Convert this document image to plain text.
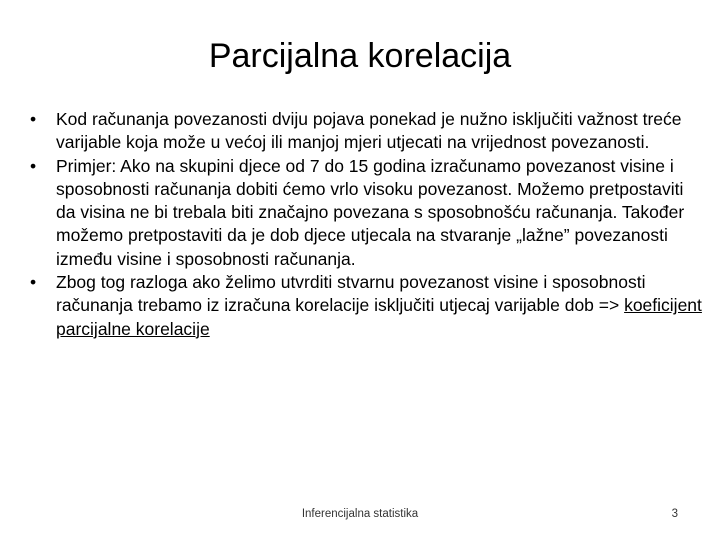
Parcijalna korelacija
• Kod računanja povezanosti dviju pojava ponekad je nužno isključiti važnost treće varijable koja može u većoj ili manjoj mjeri utjecati na vrijednost povezanosti.
• Primjer: Ako na skupini djece od 7 do 15 godina izračunamo povezanost visine i sposobnosti računanja dobiti ćemo vrlo visoku povezanost. Možemo pretpostaviti da visina ne bi trebala biti značajno povezana s sposobnošću računanja. Također možemo pretpostaviti da je dob djece utjecala na stvaranje „lažne” povezanosti između visine i sposobnosti računanja.
• Zbog tog razloga ako želimo utvrditi stvarnu povezanost visine i sposobnosti računanja trebamo iz izračuna korelacije isključiti utjecaj varijable dob => koeficijent parcijalne korelacije
Inferencijalna statistika	3
